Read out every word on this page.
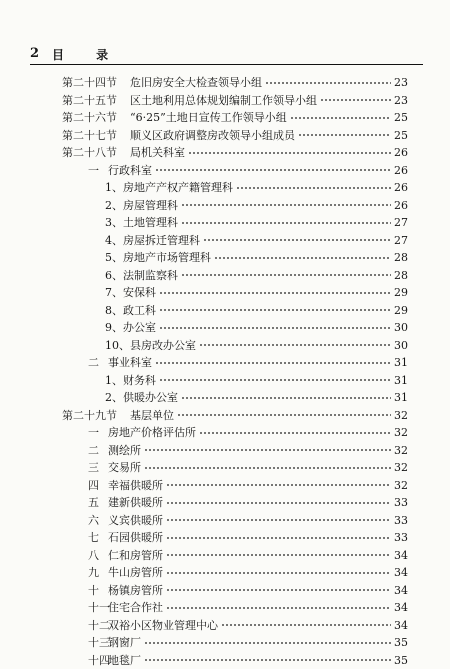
2 目 录
第二十四节 危旧房安全大检查领导小组	23
第二十五节 区土地利用总体规划编制工作领导小组	23
第二十六节 “6·25”土地日宣传工作领导小组	25
第二十七节 顺义区政府调整房改领导小组成员	25
第二十八节 局机关科室	26
一 行政科室	26
1、房地产产权产籍管理科	26
2、房屋管理科	26
3、土地管理科	27
4、房屋拆迁管理科	27
5、房地产市场管理科	28
6、法制监察科	28
7、安保科	29
8、政工科	29
9、办公室	30
10、县房改办公室	30
二 事业科室	31
1、财务科	31
2、供暖办公室	31
第二十九节 基层单位	32
一 房地产价格评估所	32
二 测绘所	32
三 交易所	32
四 幸福供暖所	32
五 建新供暖所	33
六 义宾供暖所	33
七 石园供暖所	33
八 仁和房管所	34
九 牛山房管所	34
十 杨镇房管所	34
十一住宅合作社	34
十二双裕小区物业管理中心	34
十三钢窗厂	35
十四地毯厂	35
